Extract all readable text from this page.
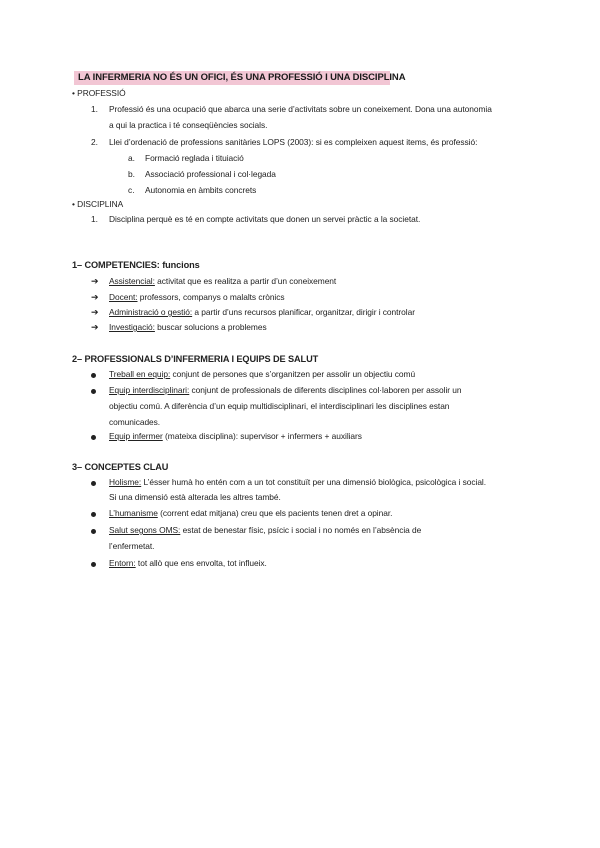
LA INFERMERIA NO ÉS UN OFICI, ÉS UNA PROFESSIÓ I UNA DISCIPLINA
• PROFESSIÓ
1. Professió és una ocupació que abarca una serie d’activitats sobre un coneixement. Dona una autonomia
a qui la practica i té conseqüències socials.
2. Llei d’ordenació de professions sanitàries LOPS (2003): si es compleixen aquest items, és professió:
a. Formació reglada i tituiació
b. Associació professional i col·legada
c. Autonomia en àmbits concrets
• DISCIPLINA
1. Disciplina perquè es té en compte activitats que donen un servei pràctic a la societat.
1– COMPETENCIES: funcions
➔ Assistencial: activitat que es realitza a partir d’un coneixement
➔ Docent: professors, companys o malalts crònics
➔ Administració o gestió: a partir d’uns recursos planificar, organitzar, dirigir i controlar
➔ Investigació: buscar solucions a problemes
2– PROFESSIONALS D’INFERMERIA I EQUIPS DE SALUT
Treball en equip: conjunt de persones que s’organitzen per assolir un objectiu comú
Equip interdisciplinari: conjunt de professionals de diferents disciplines col·laboren per assolir un
objectiu comú. A diferència d’un equip multidisciplinari, el interdisciplinari les disciplines estan
comunicades.
Equip infermer (mateixa disciplina): supervisor + infermers + auxiliars
3– CONCEPTES CLAU
Holisme: L’ésser humà ho entén com a un tot constituït per una dimensió biològica, psicològica i social.
Si una dimensió està alterada les altres també.
L’humanisme (corrent edat mitjana) creu que els pacients tenen dret a opinar.
Salut segons OMS: estat de benestar físic, psícic i social i no només en l’absència de
l’enfermetat.
Entorn: tot allò que ens envolta, tot influeix.
